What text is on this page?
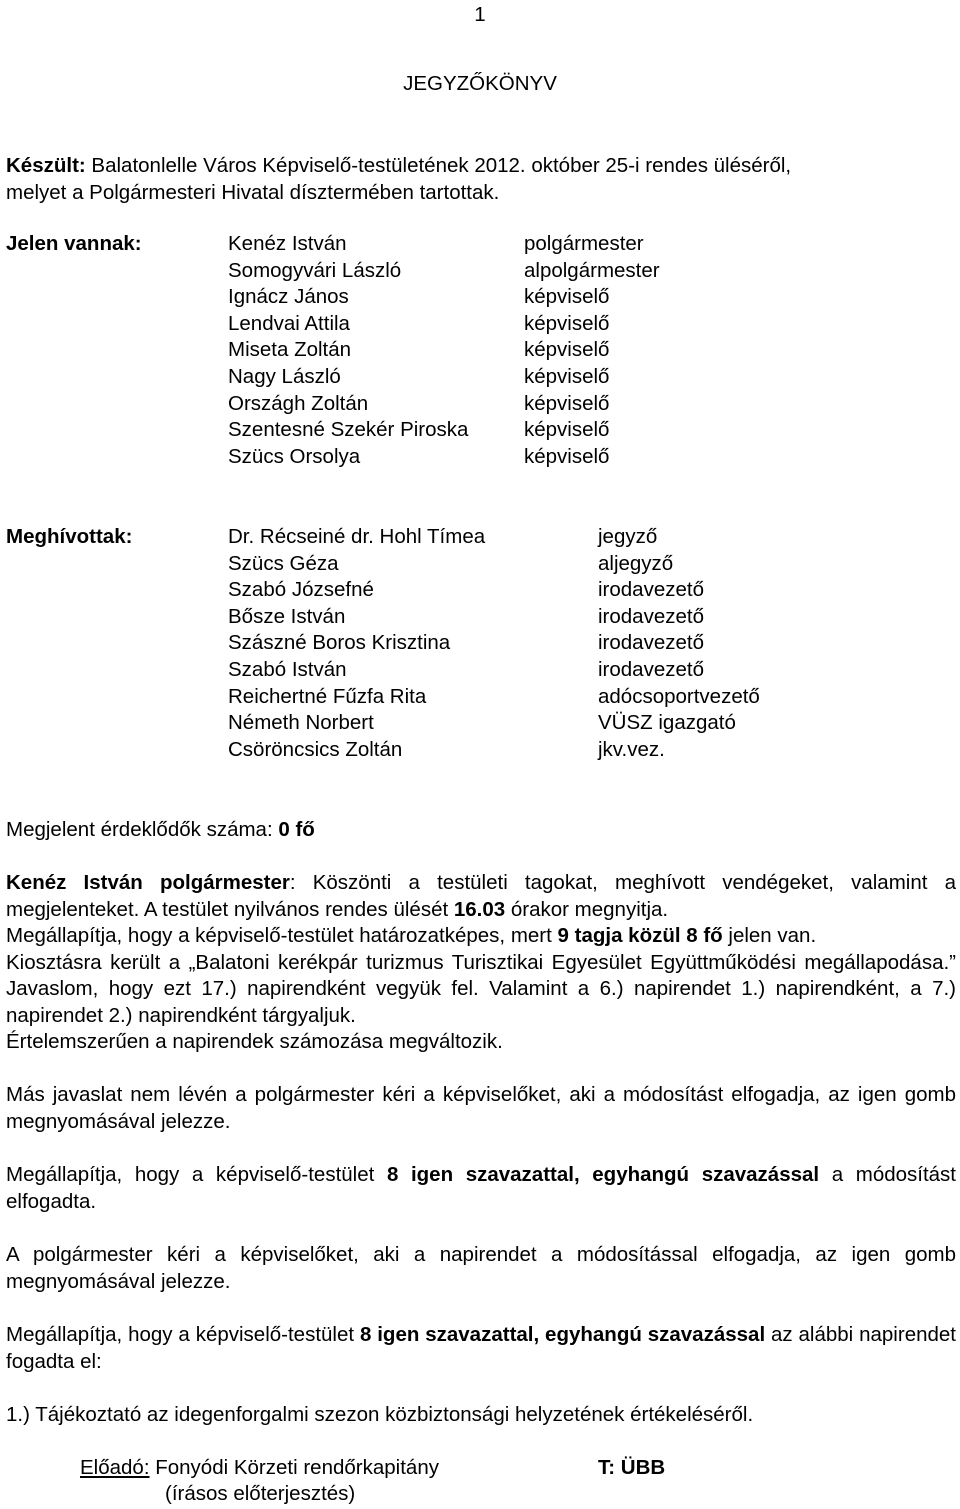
1
JEGYZŐKÖNYV
Készült: Balatonlelle Város Képviselő-testületének 2012. október 25-i rendes üléséről,
melyet a Polgármesteri Hivatal dísztermében tartottak.
Jelen vannak:	Kenéz István	polgármester
Somogyvári László	alpolgármester
Ignácz János	képviselő
Lendvai Attila	képviselő
Miseta Zoltán	képviselő
Nagy László	képviselő
Országh Zoltán	képviselő
Szentesné Szekér Piroska	képviselő
Szücs Orsolya	képviselő
Meghívottak:	Dr. Récseiné dr. Hohl Tímea	jegyző
Szücs Géza	aljegyző
Szabó Józsefné	irodavezető
Bősze István	irodavezető
Szászné Boros Krisztina	irodavezető
Szabó István	irodavezető
Reichertné Fűzfa Rita	adócsoportvezető
Németh Norbert	VÜSZ igazgató
Csöröncsics Zoltán	jkv.vez.
Megjelent érdeklődők száma: 0 fő
Kenéz István polgármester: Köszönti a testületi tagokat, meghívott vendégeket, valamint a megjelenteket. A testület nyilvános rendes ülését 16.03 órakor megnyitja.
Megállapítja, hogy a képviselő-testület határozatképes, mert 9 tagja közül 8 fő jelen van.
Kiosztásra került a „Balatoni kerékpár turizmus Turisztikai Egyesület Együttműködési megállapodása.” Javaslom, hogy ezt 17.) napirendként vegyük fel. Valamint a 6.) napirendet 1.) napirendként, a 7.) napirendet 2.) napirendként tárgyaljuk.
Értelemszerűen a napirendek számozása megváltozik.
Más javaslat nem lévén a polgármester kéri a képviselőket, aki a módosítást elfogadja, az igen gomb megnyomásával jelezze.
Megállapítja, hogy a képviselő-testület 8 igen szavazattal, egyhangú szavazással a módosítást elfogadta.
A polgármester kéri a képviselőket, aki a napirendet a módosítással elfogadja, az igen gomb megnyomásával jelezze.
Megállapítja, hogy a képviselő-testület 8 igen szavazattal, egyhangú szavazással az alábbi napirendet fogadta el:
1.) Tájékoztató az idegenforgalmi szezon közbiztonsági helyzetének értékeléséről.
Előadó: Fonyódi Körzeti rendőrkapitány
(írásos előterjesztés)
T: ÜBB
